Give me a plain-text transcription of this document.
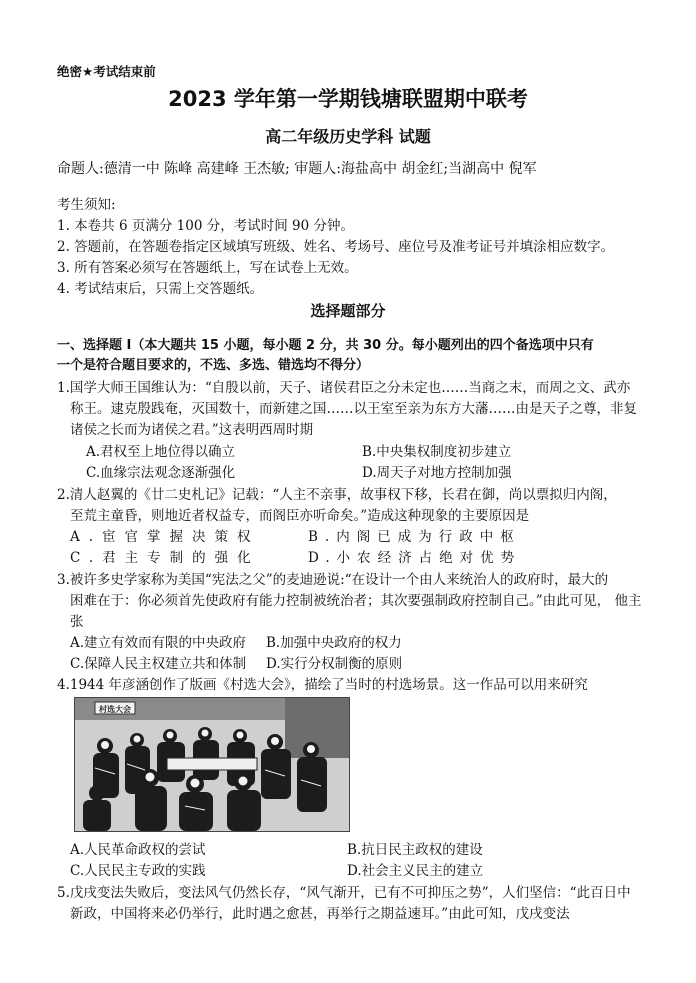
绝密★考试结束前
2023 学年第一学期钱塘联盟期中联考
高二年级历史学科 试题
命题人:德清一中 陈峰 高建峰 王杰敏; 审题人:海盐高中 胡金红;当湖高中 倪军
考生须知:
1. 本卷共 6 页满分 100 分，考试时间 90 分钟。
2. 答题前，在答题卷指定区域填写班级、姓名、考场号、座位号及准考证号并填涂相应数字。
3. 所有答案必须写在答题纸上，写在试卷上无效。
4. 考试结束后，只需上交答题纸。
选择题部分
一、选择题 I（本大题共 15 小题，每小题 2 分，共 30 分。每小题列出的四个备选项中只有
一个是符合题目要求的，不选、多选、错选均不得分）
1.国学大师王国维认为：“自殷以前，天子、诸侯君臣之分未定也……当商之末，而周之文、武亦
称王。逮克殷践奄，灭国数十，而新建之国……以王室至亲为东方大藩……由是天子之尊，非复
诸侯之长而为诸侯之君。”这表明西周时期
A.君权至上地位得以确立	B.中央集权制度初步建立
C.血缘宗法观念逐渐强化	D.周天子对地方控制加强
2.清人赵翼的《廿二史札记》记载：“人主不亲事，故事权下移，长君在御，尚以票拟归内阁，
至荒主童昏，则地近者权益专，而阁臣亦听命矣。”造成这种现象的主要原因是
A.宦官掌握决策权	B.内阁已成为行政中枢
C.君主专制的强化	D.小农经济占绝对优势
3.被许多史学家称为美国“宪法之父”的麦迪逊说:“在设计一个由人来统治人的政府时，最大的
困难在于：你必须首先使政府有能力控制被统治者；其次要强制政府控制自己。”由此可见， 他主
张
A.建立有效而有限的中央政府 B.加强中央政府的权力
C.保障人民主权建立共和体制 D.实行分权制衡的原则
4.1944 年彦涵创作了版画《村选大会》，描绘了当时的村选场景。这一作品可以用来研究
村选大会
A.人民革命政权的尝试	B.抗日民主政权的建设
C.人民民主专政的实践	D.社会主义民主的建立
5.戊戌变法失败后，变法风气仍然长存，“风气渐开，已有不可抑压之势”，人们坚信：“此百日中
新政，中国将来必仍举行，此时遇之愈甚，再举行之期益速耳。”由此可知，戊戌变法
